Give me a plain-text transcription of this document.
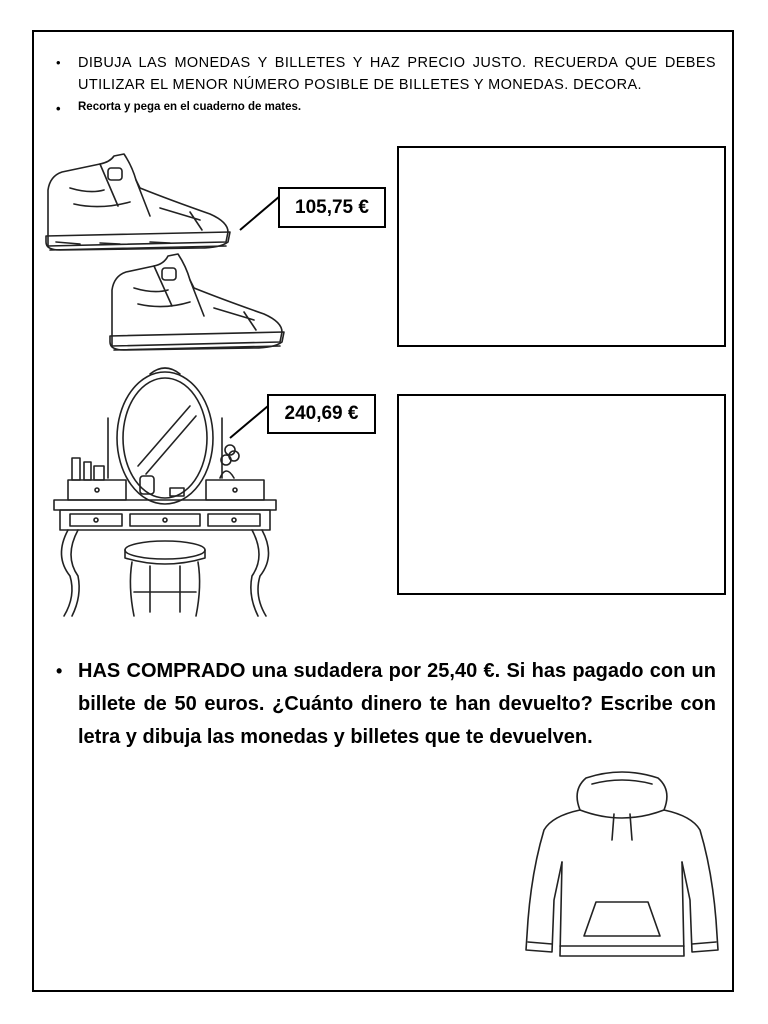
•	DIBUJA LAS MONEDAS Y BILLETES Y HAZ PRECIO JUSTO. RECUERDA QUE DEBES UTILIZAR EL MENOR NÚMERO POSIBLE DE BILLETES Y MONEDAS. DECORA.
•	Recorta y pega en el cuaderno de mates.
105,75 €
240,69 €
• HAS COMPRADO una sudadera por 25,40 €. Si has pagado con un billete de 50 euros. ¿Cuánto dinero te han devuelto? Escribe con letra y dibuja las monedas y billetes que te devuelven.
